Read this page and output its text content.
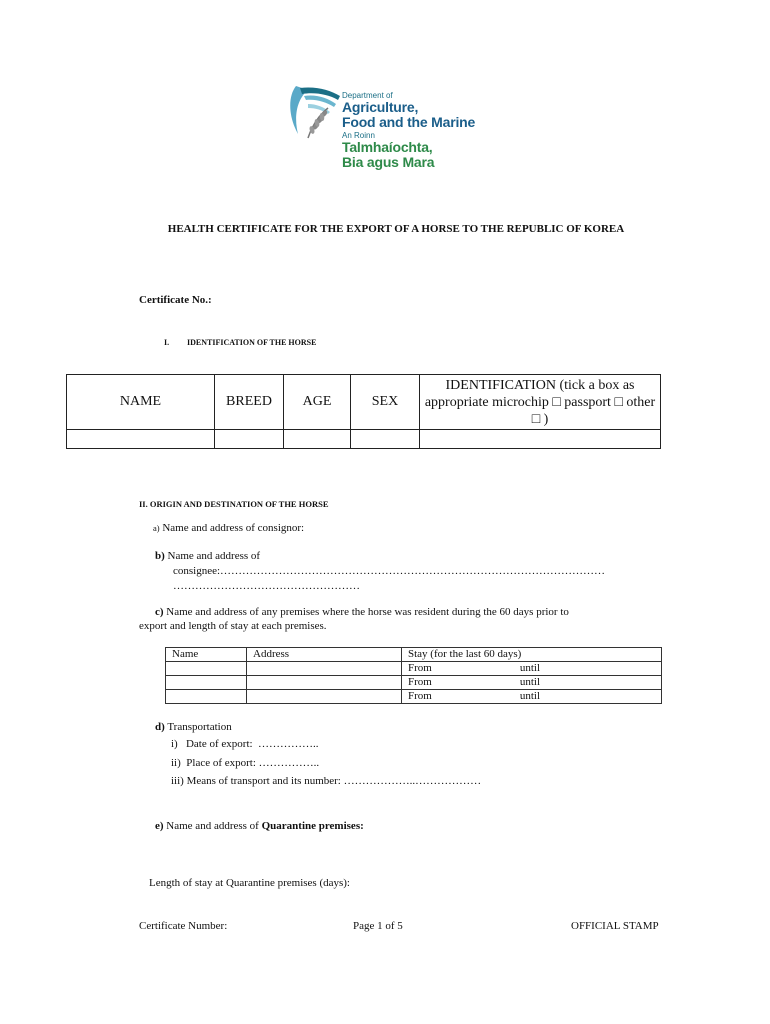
Department of
Agriculture,
Food and the Marine
An Roinn
Talmhaíochta,
Bia agus Mara
HEALTH CERTIFICATE FOR THE EXPORT OF A HORSE TO THE REPUBLIC OF KOREA
Certificate No.:
I. IDENTIFICATION OF THE HORSE
NAME	BREED	AGE	SEX	IDENTIFICATION (tick a box as appropriate microchip □ passport □ other □ )

II. ORIGIN AND DESTINATION OF THE HORSE
a) Name and address of consignor:
b) Name and address of
consignee:……………………………………………………………………………………………
……………………………………………
c) Name and address of any premises where the horse was resident during the 60 days prior to
export and length of stay at each premises.
Name	Address	Stay (for the last 60 days)

		From until

		From until

		From until
d) Transportation
i)   Date of export:  ……………..
ii)  Place of export: ……………..
iii) Means of transport and its number: ………………..………………
e) Name and address of Quarantine premises:
Length of stay at Quarantine premises (days):
Certificate Number:	Page 1 of 5	OFFICIAL STAMP
